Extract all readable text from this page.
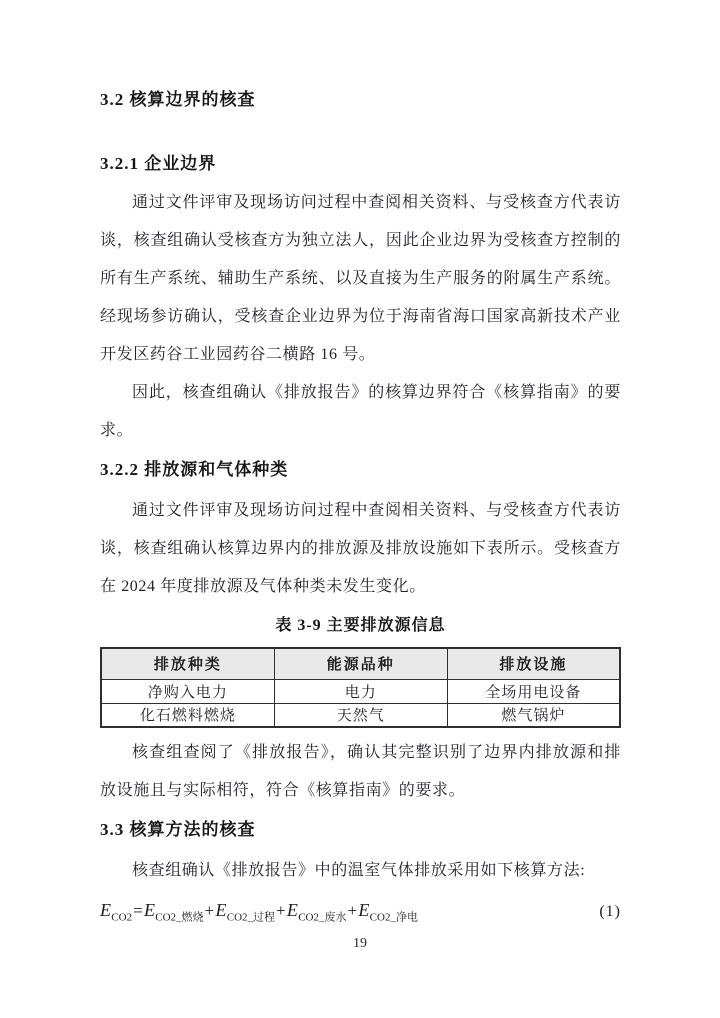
3.2 核算边界的核查
3.2.1 企业边界

通过文件评审及现场访问过程中查阅相关资料、与受核查方代表访谈，核查组确认受核查方为独立法人，因此企业边界为受核查方控制的所有生产系统、辅助生产系统、以及直接为生产服务的附属生产系统。经现场参访确认，受核查企业边界为位于海南省海口国家高新技术产业开发区药谷工业园药谷二横路 16 号。

因此，核查组确认《排放报告》的核算边界符合《核算指南》的要求。

3.2.2 排放源和气体种类

通过文件评审及现场访问过程中查阅相关资料、与受核查方代表访谈，核查组确认核算边界内的排放源及排放设施如下表所示。受核查方在 2024 年度排放源及气体种类未发生变化。

表 3-9 主要排放源信息
排放种类	能源品种	排放设施
净购入电力	电力	全场用电设备
化石燃料燃烧	天然气	燃气锅炉

核查组查阅了《排放报告》，确认其完整识别了边界内排放源和排放设施且与实际相符，符合《核算指南》的要求。

3.3 核算方法的核查

核查组确认《排放报告》中的温室气体排放采用如下核算方法:

$E_{CO2}=E_{CO2\_燃烧}+E_{CO2\_过程}+E_{CO2\_废水}+E_{CO2\_净电}$	(1)
19
